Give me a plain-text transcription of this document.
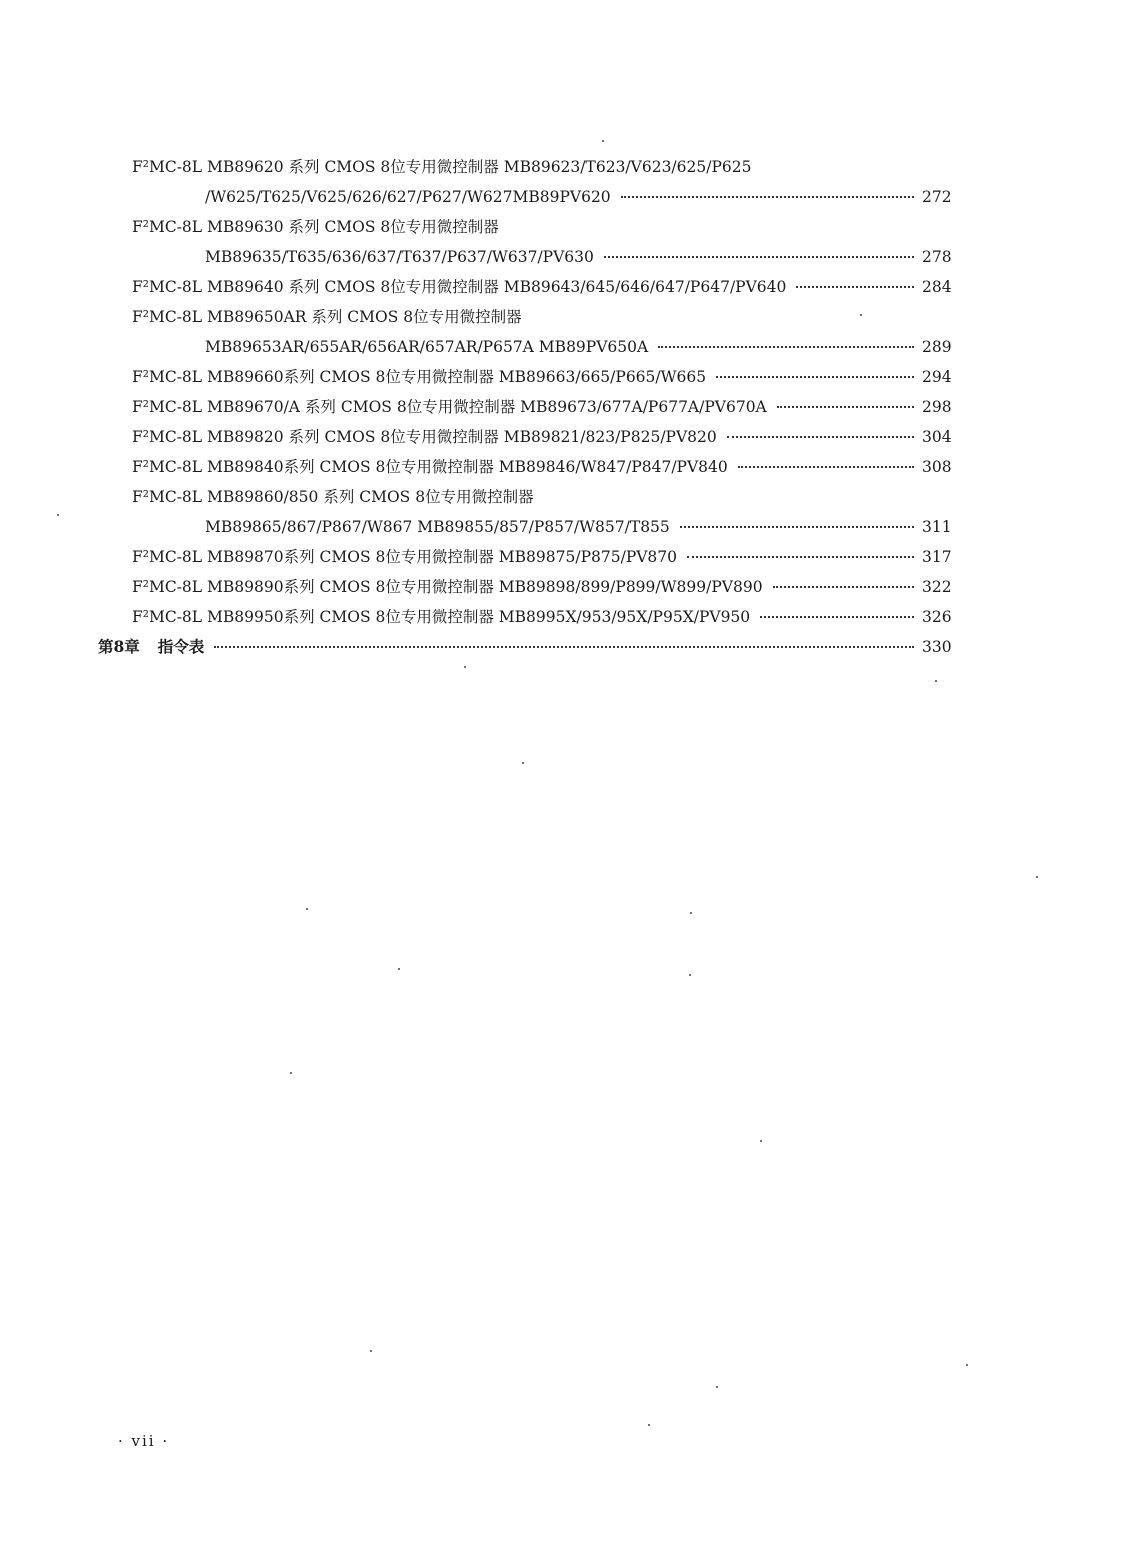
F²MC-8L MB89620 系列 CMOS 8位专用微控制器 MB89623/T623/V623/625/P625
/W625/T625/V625/626/627/P627/W627MB89PV620	272
F²MC-8L MB89630 系列 CMOS 8位专用微控制器
MB89635/T635/636/637/T637/P637/W637/PV630	278
F²MC-8L MB89640 系列 CMOS 8位专用微控制器 MB89643/645/646/647/P647/PV640	284
F²MC-8L MB89650AR 系列 CMOS 8位专用微控制器
MB89653AR/655AR/656AR/657AR/P657A MB89PV650A	289
F²MC-8L MB89660系列 CMOS 8位专用微控制器 MB89663/665/P665/W665	294
F²MC-8L MB89670/A 系列 CMOS 8位专用微控制器 MB89673/677A/P677A/PV670A	298
F²MC-8L MB89820 系列 CMOS 8位专用微控制器 MB89821/823/P825/PV820	304
F²MC-8L MB89840系列 CMOS 8位专用微控制器 MB89846/W847/P847/PV840	308
F²MC-8L MB89860/850 系列 CMOS 8位专用微控制器
MB89865/867/P867/W867 MB89855/857/P857/W857/T855	311
F²MC-8L MB89870系列 CMOS 8位专用微控制器 MB89875/P875/PV870	317
F²MC-8L MB89890系列 CMOS 8位专用微控制器 MB89898/899/P899/W899/PV890	322
F²MC-8L MB89950系列 CMOS 8位专用微控制器 MB8995X/953/95X/P95X/PV950	326
第8章 指令表	330
· vii ·
